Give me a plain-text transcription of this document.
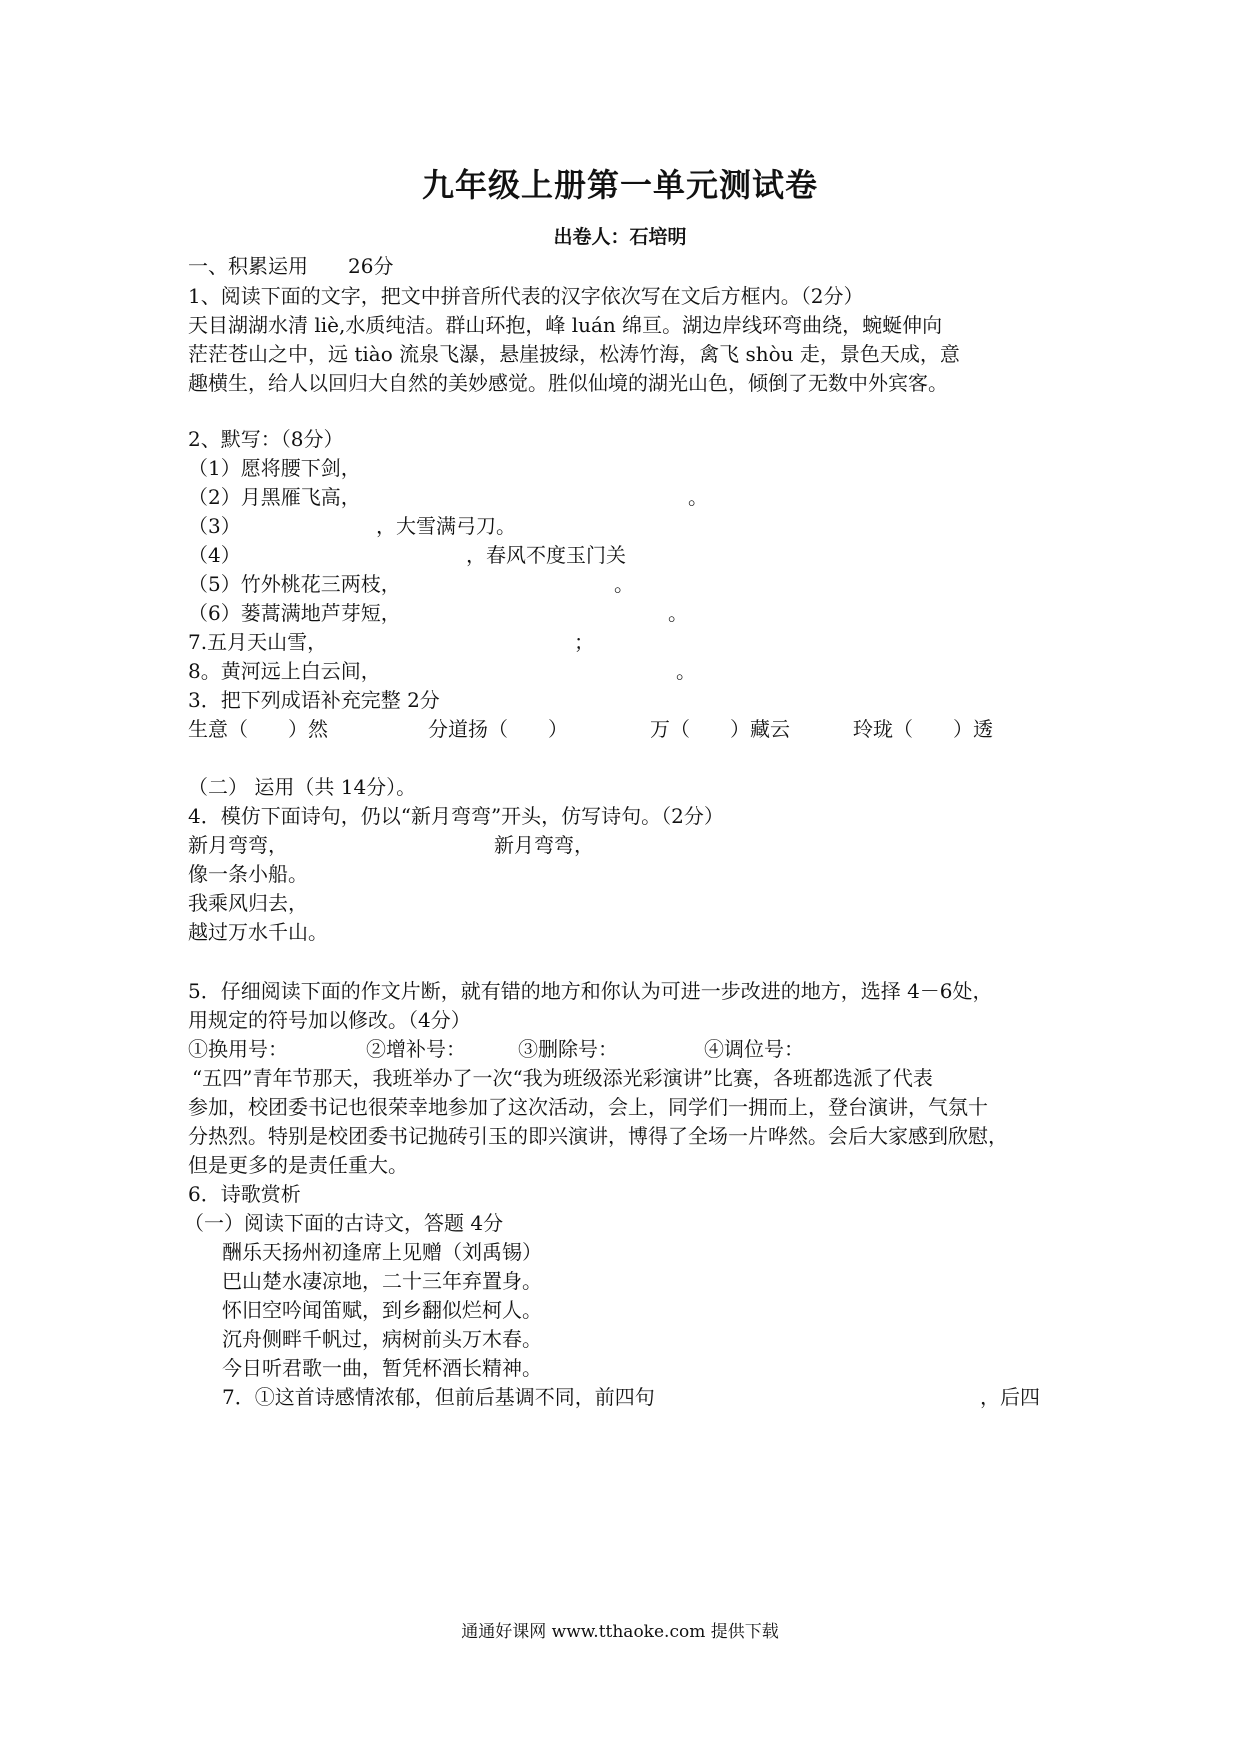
九年级上册第一单元测试卷
出卷人：石培明
一、积累运用　　26分
1、阅读下面的文字，把文中拼音所代表的汉字依次写在文后方框内。（2分）
天目湖湖水清 liè,水质纯洁。群山环抱，峰 luán 绵亘。湖边岸线环弯曲绕，蜿蜒伸向
茫茫苍山之中，远 tiào 流泉飞瀑，悬崖披绿，松涛竹海，禽飞 shòu 走，景色天成，意
趣横生，给人以回归大自然的美妙感觉。胜似仙境的湖光山色，倾倒了无数中外宾客。
2、默写：（8分）
（1）愿将腰下剑，
（2）月黑雁飞高，	。
（3）	，大雪满弓刀。
（4）	，春风不度玉门关
（5）竹外桃花三两枝，	。
（6）蒌蒿满地芦芽短，	。
7.五月天山雪，	；
8。黄河远上白云间，	。
3．把下列成语补充完整 2分
生意（　　）然	分道扬（　　）	万（　　）藏云	玲珑（　　）透
（二） 运用（共 14分）。
4．模仿下面诗句，仍以“新月弯弯”开头，仿写诗句。（2分）
新月弯弯，	新月弯弯，
像一条小船。
我乘风归去，
越过万水千山。
5．仔细阅读下面的作文片断，就有错的地方和你认为可进一步改进的地方，选择 4－6处，
用规定的符号加以修改。（4分）
①换用号：	②增补号：	③删除号：	④调位号：
“五四”青年节那天，我班举办了一次“我为班级添光彩演讲”比赛，各班都选派了代表
参加，校团委书记也很荣幸地参加了这次活动，会上，同学们一拥而上，登台演讲，气氛十
分热烈。特别是校团委书记抛砖引玉的即兴演讲，博得了全场一片哗然。会后大家感到欣慰，
但是更多的是责任重大。
6．诗歌赏析
（一）阅读下面的古诗文，答题 4分
酬乐天扬州初逢席上见赠（刘禹锡）
巴山楚水凄凉地，二十三年弃置身。
怀旧空吟闻笛赋，到乡翻似烂柯人。
沉舟侧畔千帆过，病树前头万木春。
今日听君歌一曲，暂凭杯酒长精神。
7．①这首诗感情浓郁，但前后基调不同，前四句	，后四
通通好课网 www.tthaoke.com 提供下载
